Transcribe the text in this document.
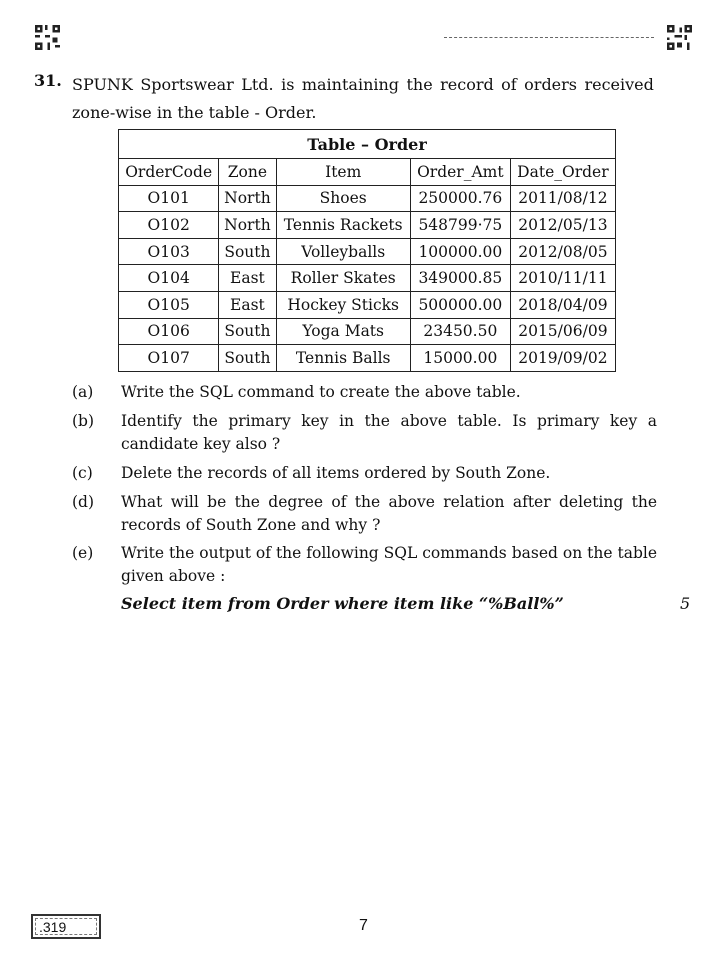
31. SPUNK Sportswear Ltd. is maintaining the record of orders received
zone-wise in the table - Order.
Table – Order				
OrderCode	Zone	Item	Order_Amt	Date_Order
O101	North	Shoes	250000.76	2011/08/12
O102	North	Tennis Rackets	548799·75	2012/05/13
O103	South	Volleyballs	100000.00	2012/08/05
O104	East	Roller Skates	349000.85	2010/11/11
O105	East	Hockey Sticks	500000.00	2018/04/09
O106	South	Yoga Mats	23450.50	2015/06/09
O107	South	Tennis Balls	15000.00	2019/09/02
(a)	Write the SQL command to create the above table.
(b)	Identify the primary key in the above table. Is primary key a candidate key also ?
(c)	Delete the records of all items ordered by South Zone.
(d)	What will be the degree of the above relation after deleting the records of South Zone and why ?
(e)	Write the output of the following SQL commands based on the table given above :
Select item from Order where item like “%Ball%”	5
.319	7
